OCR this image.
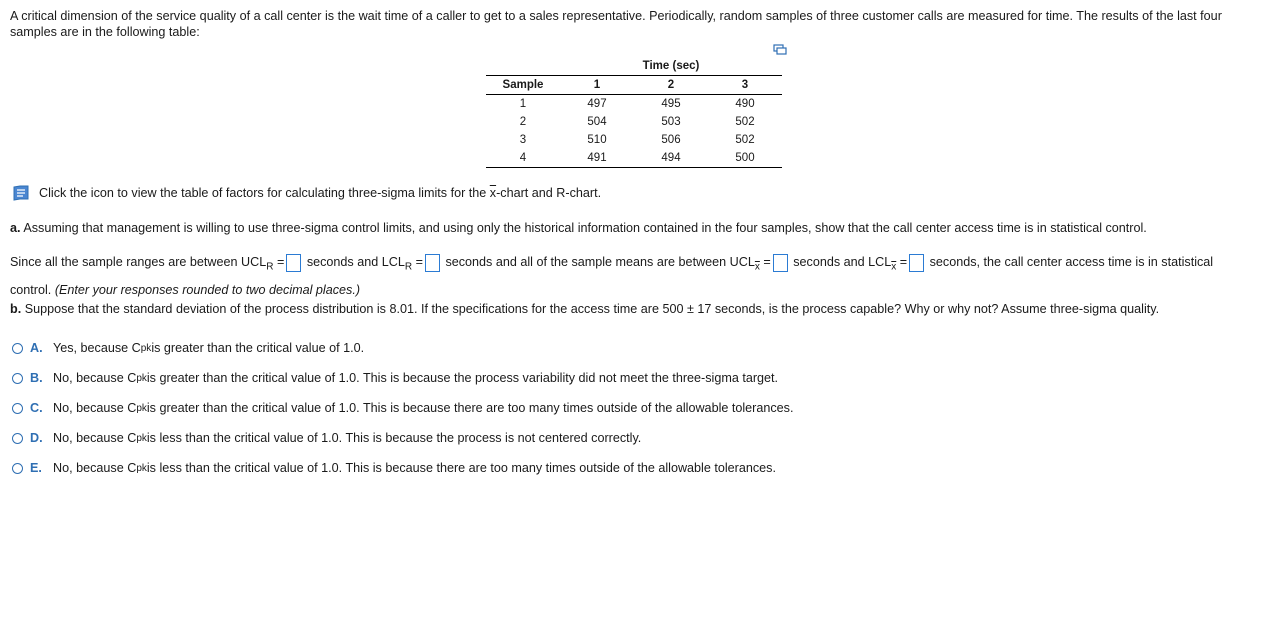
A critical dimension of the service quality of a call center is the wait time of a caller to get to a sales representative. Periodically, random samples of three customer calls are measured for time. The results of the last four samples are in the following table:

	Time (sec)		
Sample	1	2	3
1	497	495	490
2	504	503	502
3	510	506	502
4	491	494	500
Click the icon to view the table of factors for calculating three-sigma limits for the $\overline{x}$-chart and R-chart.
a. Assuming that management is willing to use three-sigma control limits, and using only the historical information contained in the four samples, show that the call center access time is in statistical control.
Since all the sample ranges are between $UCL_R$ = seconds and $LCL_R$ = seconds and all of the sample means are between $UCL_{\overline{x}}$ = seconds and $LCL_{\overline{x}}$ = seconds, the call center access time is in statistical control. (Enter your responses rounded to two decimal places.)
b. Suppose that the standard deviation of the process distribution is 8.01. If the specifications for the access time are 500 ± 17 seconds, is the process capable? Why or why not? Assume three-sigma quality.
A. Yes, because C pk is greater than the critical value of 1.0.
B. No, because C pk is greater than the critical value of 1.0. This is because the process variability did not meet the three-sigma target.
C. No, because C pk is greater than the critical value of 1.0. This is because there are too many times outside of the allowable tolerances.
D. No, because C pk is less than the critical value of 1.0. This is because the process is not centered correctly.
E. No, because C pk is less than the critical value of 1.0. This is because there are too many times outside of the allowable tolerances.
